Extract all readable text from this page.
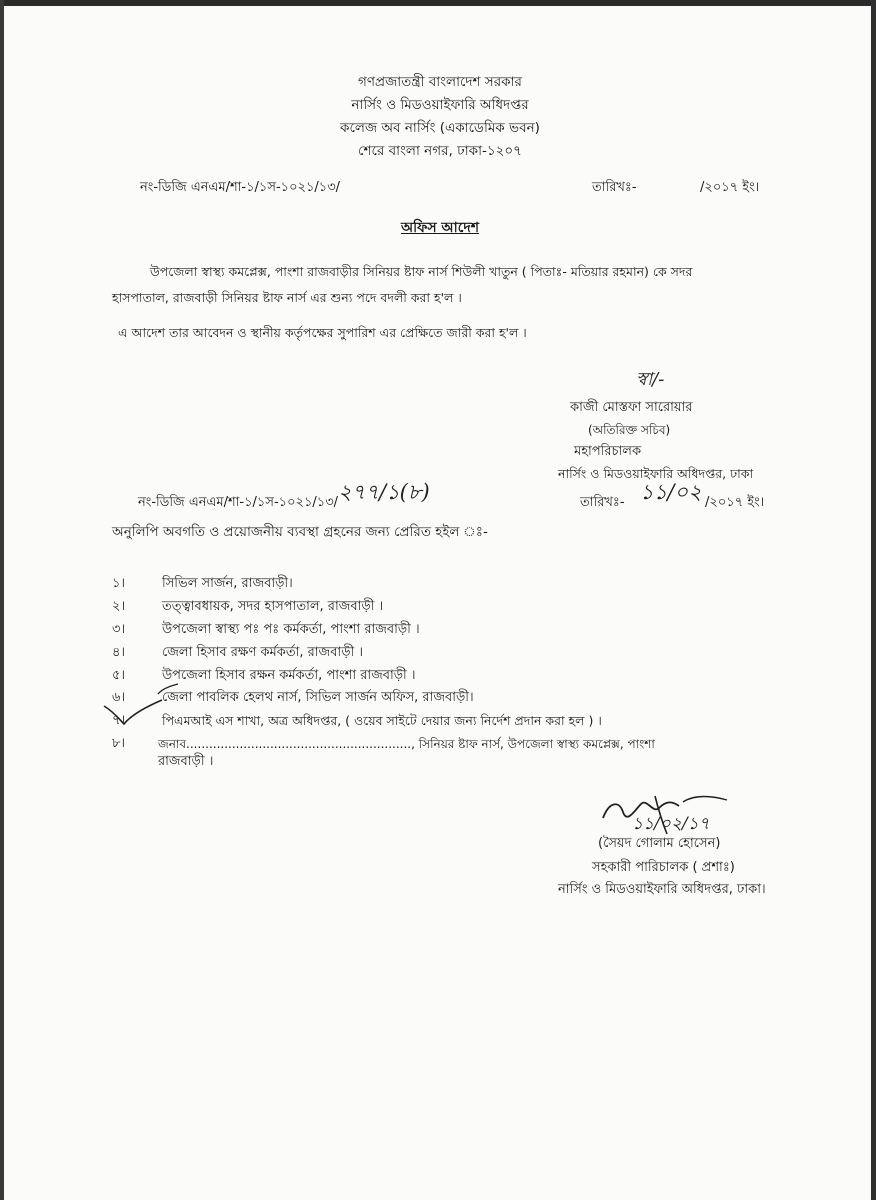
গণপ্রজাতন্ত্রী বাংলাদেশ সরকার
নার্সিং ও মিডওয়াইফারি অধিদপ্তর
কলেজ অব নার্সিং (একাডেমিক ভবন)
শেরে বাংলা নগর, ঢাকা-১২০৭
নং-ডিজি এনএম/শা-১/১স-১০২১/১৩/	তারিখঃ-	/২০১৭ ইং।
অফিস আদেশ
উপজেলা স্বাস্থ্য কমপ্লেক্স, পাংশা রাজবাড়ীর সিনিয়র ষ্টাফ নার্স শিউলী খাতুন ( পিতাঃ- মতিয়ার রহমান) কে সদর
হাসপাতাল, রাজবাড়ী সিনিয়র ষ্টাফ নার্স এর শুন্য পদে বদলী করা হ'ল ।
এ আদেশ তার আবেদন ও স্থানীয় কর্তৃপক্ষের সুপারিশ এর প্রেক্ষিতে জারী করা হ'ল ।
স্বা/-
কাজী মোস্তফা সারোয়ার
(অতিরিক্ত সচিব)
মহাপরিচালক
নার্সিং ও মিডওয়াইফারি অধিদপ্তর, ঢাকা
নং-ডিজি এনএম/শা-১/১স-১০২১/১৩/ ২৭৭/১(৮)	তারিখঃ- ১১/০২ /২০১৭ ইং।
অনুলিপি অবগতি ও প্রয়োজনীয় ব্যবস্থা গ্রহনের জন্য প্রেরিত হইল ঃ-
১।	সিভিল সার্জন, রাজবাড়ী।
২।	তত্ত্বাবধায়ক, সদর হাসপাতাল, রাজবাড়ী ।
৩।	উপজেলা স্বাস্থ্য পঃ পঃ কর্মকর্তা, পাংশা রাজবাড়ী ।
৪।	জেলা হিসাব রক্ষণ কর্মকর্তা, রাজবাড়ী ।
৫।	উপজেলা হিসাব রক্ষন কর্মকর্তা, পাংশা রাজবাড়ী ।
৬।	জেলা পাবলিক হেলথ নার্স, সিভিল সার্জন অফিস, রাজবাড়ী।
৭।	পিএমআই এস শাখা, অত্র অধিদপ্তর, ( ওয়েব সাইটে দেয়ার জন্য নির্দেশ প্রদান করা হল ) ।
৮।	জনাব..........................................................., সিনিয়র ষ্টাফ নার্স, উপজেলা স্বাস্থ্য কমপ্লেক্স, পাংশা
রাজবাড়ী ।
১১/০২/১৭
(সৈয়দ গোলাম হোসেন)
সহকারী পারিচালক ( প্রশাঃ)
নার্সিং ও মিডওয়াইফারি অধিদপ্তর, ঢাকা।
